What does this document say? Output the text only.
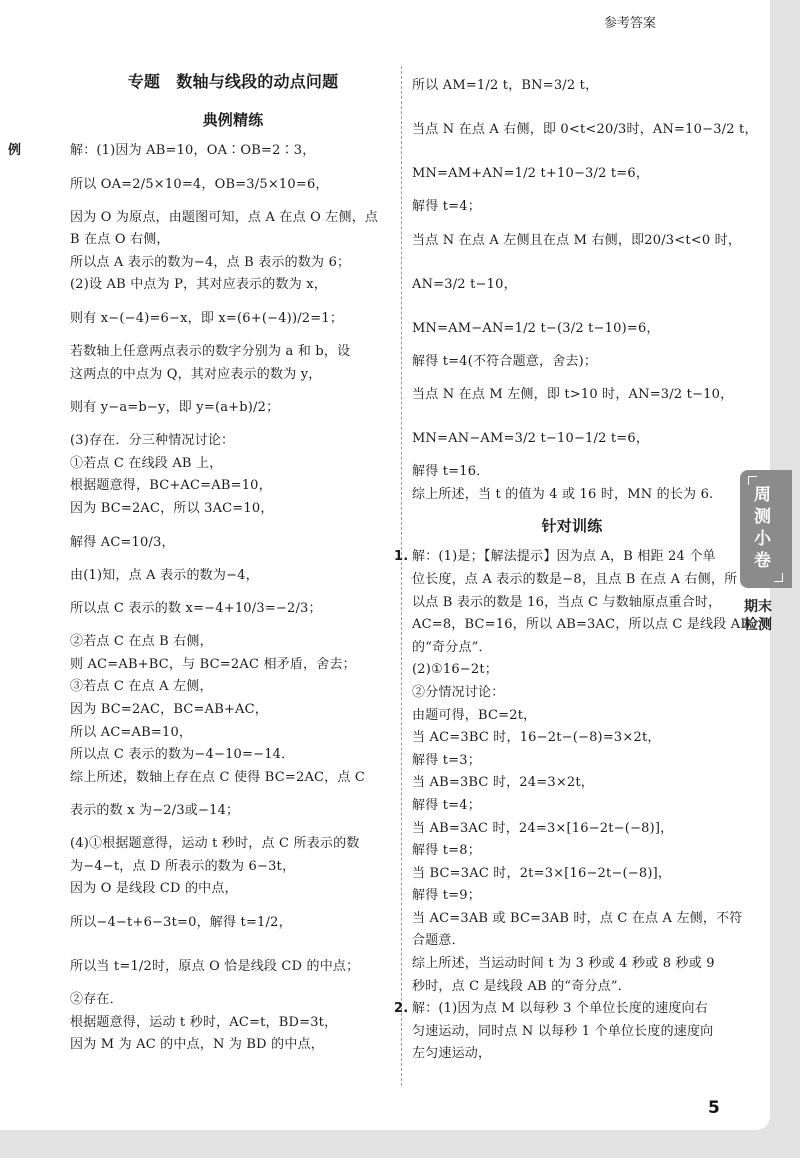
参考答案
专题　数轴与线段的动点问题
典例精练
例	解：(1)因为 AB=10，OA∶OB=2∶3，
所以 OA=2/5×10=4，OB=3/5×10=6，
因为 O 为原点，由题图可知，点 A 在点 O 左侧，点
B 在点 O 右侧，
所以点 A 表示的数为−4，点 B 表示的数为 6；
(2)设 AB 中点为 P，其对应表示的数为 x，
则有 x−(−4)=6−x，即 x=(6+(−4))/2=1；
若数轴上任意两点表示的数字分别为 a 和 b，设
这两点的中点为 Q，其对应表示的数为 y，
则有 y−a=b−y，即 y=(a+b)/2；
(3)存在．分三种情况讨论：
①若点 C 在线段 AB 上，
根据题意得，BC+AC=AB=10，
因为 BC=2AC，所以 3AC=10，
解得 AC=10/3，
由(1)知，点 A 表示的数为−4，
所以点 C 表示的数 x=−4+10/3=−2/3；
②若点 C 在点 B 右侧，
则 AC=AB+BC，与 BC=2AC 相矛盾，舍去；
③若点 C 在点 A 左侧，
因为 BC=2AC，BC=AB+AC，
所以 AC=AB=10，
所以点 C 表示的数为−4−10=−14．
综上所述，数轴上存在点 C 使得 BC=2AC，点 C
表示的数 x 为−2/3或−14；
(4)①根据题意得，运动 t 秒时，点 C 所表示的数
为−4−t，点 D 所表示的数为 6−3t，
因为 O 是线段 CD 的中点，
所以−4−t+6−3t=0，解得 t=1/2，
所以当 t=1/2时，原点 O 恰是线段 CD 的中点；
②存在．
根据题意得，运动 t 秒时，AC=t，BD=3t，
因为 M 为 AC 的中点，N 为 BD 的中点，
所以 AM=1/2 t，BN=3/2 t，
当点 N 在点 A 右侧，即 0<t<20/3时，AN=10−3/2 t，
MN=AM+AN=1/2 t+10−3/2 t=6，
解得 t=4；
当点 N 在点 A 左侧且在点 M 右侧，即20/3<t<0 时，
AN=3/2 t−10，
MN=AM−AN=1/2 t−(3/2 t−10)=6，
解得 t=4(不符合题意，舍去)；
当点 N 在点 M 左侧，即 t>10 时，AN=3/2 t−10，
MN=AN−AM=3/2 t−10−1/2 t=6，
解得 t=16．
综上所述，当 t 的值为 4 或 16 时，MN 的长为 6.
针对训练
1. 解：(1)是；【解法提示】因为点 A，B 相距 24 个单
位长度，点 A 表示的数是−8，且点 B 在点 A 右侧，所
以点 B 表示的数是 16，当点 C 与数轴原点重合时，
AC=8，BC=16，所以 AB=3AC，所以点 C 是线段 AB
的“奇分点”．
(2)①16−2t；
②分情况讨论：
由题可得，BC=2t，
当 AC=3BC 时，16−2t−(−8)=3×2t，
解得 t=3；
当 AB=3BC 时，24=3×2t，
解得 t=4；
当 AB=3AC 时，24=3×[16−2t−(−8)]，
解得 t=8；
当 BC=3AC 时，2t=3×[16−2t−(−8)]，
解得 t=9；
当 AC=3AB 或 BC=3AB 时，点 C 在点 A 左侧，不符
合题意．
综上所述，当运动时间 t 为 3 秒或 4 秒或 8 秒或 9
秒时，点 C 是线段 AB 的“奇分点”．
2. 解：(1)因为点 M 以每秒 3 个单位长度的速度向右
匀速运动，同时点 N 以每秒 1 个单位长度的速度向
左匀速运动，
5
周测小卷
期末检测
